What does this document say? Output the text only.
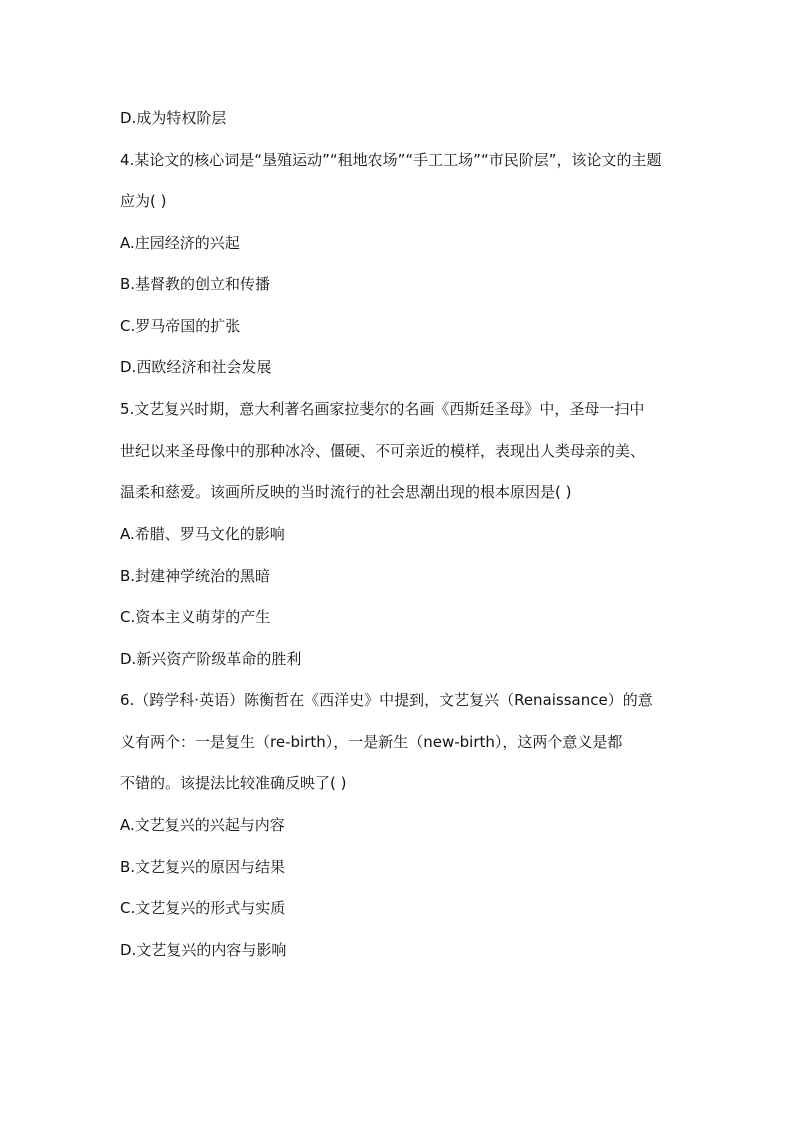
D.成为特权阶层
4.某论文的核心词是“垦殖运动”“租地农场”“手工工场”“市民阶层”，该论文的主题
应为( )
A.庄园经济的兴起
B.基督教的创立和传播
C.罗马帝国的扩张
D.西欧经济和社会发展
5.文艺复兴时期，意大利著名画家拉斐尔的名画《西斯廷圣母》中，圣母一扫中
世纪以来圣母像中的那种冰冷、僵硬、不可亲近的模样，表现出人类母亲的美、
温柔和慈爱。该画所反映的当时流行的社会思潮出现的根本原因是( )
A.希腊、罗马文化的影响
B.封建神学统治的黑暗
C.资本主义萌芽的产生
D.新兴资产阶级革命的胜利
6.（跨学科·英语）陈衡哲在《西洋史》中提到，文艺复兴（Renaissance）的意
义有两个：一是复生（re-birth），一是新生（new-birth），这两个意义是都
不错的。该提法比较准确反映了( )
A.文艺复兴的兴起与内容
B.文艺复兴的原因与结果
C.文艺复兴的形式与实质
D.文艺复兴的内容与影响
